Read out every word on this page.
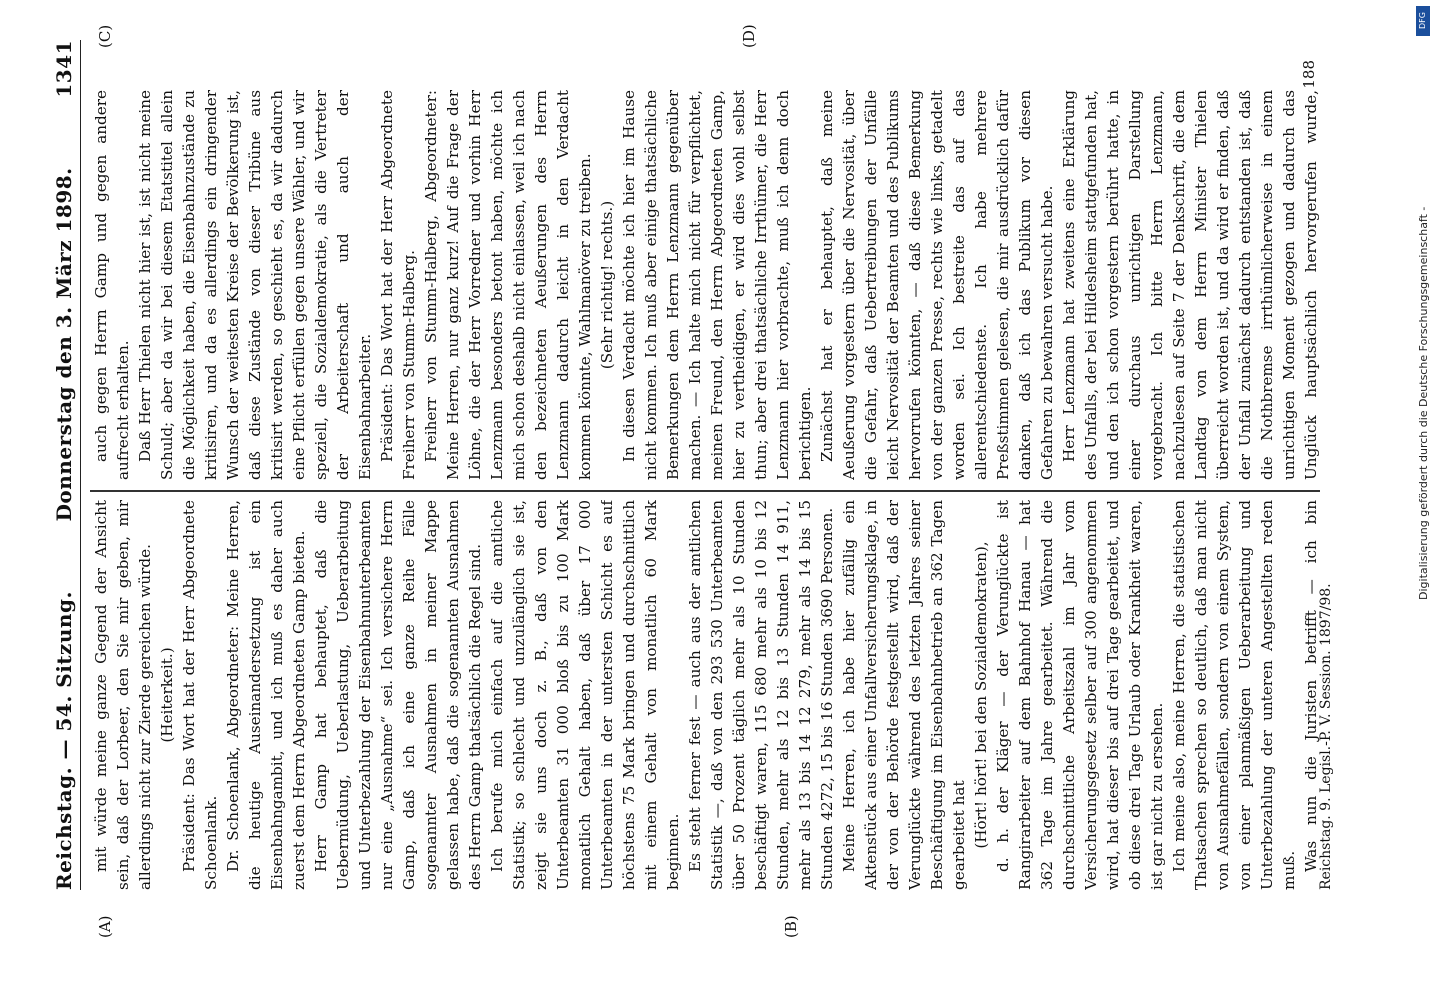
Reichstag. — 54. Sitzung.
Donnerstag den 3. März 1898.
1341
(A)	(B)
(C)	(D)

mit würde meine ganze Gegend der Ansicht sein, daß der Lorbeer, den Sie mir geben, mir allerdings nicht zur Zierde gereichen würde. (Heiterkeit.) Präsident: Das Wort hat der Herr Abgeordnete Schoenlank. Dr. Schoenlank, Abgeordneter: Meine Herren, die heutige Auseinandersetzung ist ein Eisenbahngambit, und ich muß es daher auch zuerst dem Herrn Abgeordneten Gamp bieten. Herr Gamp hat behauptet, daß die Uebermüdung, Ueberlastung, Ueberarbeitung und Unterbezahlung der Eisenbahnunterbeamten nur eine „Ausnahme“ sei. Ich versichere Herrn Gamp, daß ich eine ganze Reihe Fälle sogenannter Ausnahmen in meiner Mappe gelassen habe, daß die sogenannten Ausnahmen des Herrn Gamp thatsächlich die Regel sind. Ich berufe mich einfach auf die amtliche Statistik; so schlecht und unzulänglich sie ist, zeigt sie uns doch z. B., daß von den Unterbeamten 31 000 bloß bis zu 100 Mark monatlich Gehalt haben, daß über 17 000 Unterbeamten in der untersten Schicht es auf höchstens 75 Mark bringen und durchschnittlich mit einem Gehalt von monatlich 60 Mark beginnen. Es steht ferner fest — auch aus der amtlichen Statistik —, daß von den 293 530 Unterbeamten über 50 Prozent täglich mehr als 10 Stunden beschäftigt waren, 115 680 mehr als 10 bis 12 Stunden, mehr als 12 bis 13 Stunden 14 911, mehr als 13 bis 14 12 279, mehr als 14 bis 15 Stunden 4272, 15 bis 16 Stunden 3690 Personen. Meine Herren, ich habe hier zufällig ein Aktenstück aus einer Unfallversicherungsklage, in der von der Behörde festgestellt wird, daß der Verunglückte während des letzten Jahres seiner Beschäftigung im Eisenbahnbetrieb an 362 Tagen gearbeitet hat (Hört! hört! bei den Sozialdemokraten), d. h. der Kläger — der Verunglückte ist Rangirarbeiter auf dem Bahnhof Hanau — hat 362 Tage im Jahre gearbeitet. Während die durchschnittliche Arbeitszahl im Jahr vom Versicherungsgesetz selber auf 300 angenommen wird, hat dieser bis auf drei Tage gearbeitet, und ob diese drei Tage Urlaub oder Krankheit waren, ist gar nicht zu ersehen. Ich meine also, meine Herren, die statistischen Thatsachen sprechen so deutlich, daß man nicht von Ausnahmefällen, sondern von einem System, von einer planmäßigen Ueberarbeitung und Unterbezahlung der unteren Angestellten reden muß. Was nun die Juristen betrifft — ich bin

auch gegen Herrn Gamp und gegen andere aufrecht erhalten. Daß Herr Thielen nicht hier ist, ist nicht meine Schuld; aber da wir bei diesem Etatstitel allein die Möglichkeit haben, die Eisenbahnzustände zu kritisiren, und da es allerdings ein dringender Wunsch der weitesten Kreise der Bevölkerung ist, daß diese Zustände von dieser Tribüne aus kritisirt werden, so geschieht es, da wir dadurch eine Pflicht erfüllen gegen unsere Wähler, und wir speziell, die Sozialdemokratie, als die Vertreter der Arbeiterschaft und auch der Eisenbahnarbeiter. Präsident: Das Wort hat der Herr Abgeordnete Freiherr von Stumm-Halberg. Freiherr von Stumm-Halberg, Abgeordneter: Meine Herren, nur ganz kurz! Auf die Frage der Löhne, die der Herr Vorredner und vorhin Herr Lenzmann besonders betont haben, möchte ich mich schon deshalb nicht einlassen, weil ich nach den bezeichneten Aeußerungen des Herrn Lenzmann dadurch leicht in den Verdacht kommen könnte, Wahlmanöver zu treiben. (Sehr richtig! rechts.) In diesen Verdacht möchte ich hier im Hause nicht kommen. Ich muß aber einige thatsächliche Bemerkungen dem Herrn Lenzmann gegenüber machen. — Ich halte mich nicht für verpflichtet, meinen Freund, den Herrn Abgeordneten Gamp, hier zu vertheidigen, er wird dies wohl selbst thun; aber drei thatsächliche Irrthümer, die Herr Lenzmann hier vorbrachte, muß ich denn doch berichtigen. Zunächst hat er behauptet, daß meine Aeußerung vorgestern über die Nervosität, über die Gefahr, daß Uebertreibungen der Unfälle leicht Nervosität der Beamten und des Publikums hervorrufen könnten, — daß diese Bemerkung von der ganzen Presse, rechts wie links, getadelt worden sei. Ich bestreite das auf das allerentschiedenste. Ich habe mehrere Preßstimmen gelesen, die mir ausdrücklich dafür danken, daß ich das Publikum vor diesen Gefahren zu bewahren versucht habe. Herr Lenzmann hat zweitens eine Erklärung des Unfalls, der bei Hildesheim stattgefunden hat, und den ich schon vorgestern berührt hatte, in einer durchaus unrichtigen Darstellung vorgebracht. Ich bitte Herrn Lenzmann, nachzulesen auf Seite 7 der Denkschrift, die dem Landtag von dem Herrn Minister Thielen überreicht worden ist, und da wird er finden, daß der Unfall zunächst dadurch entstanden ist, daß die Nothbremse irrthümlicherweise in einem unrichtigen Moment gezogen und dadurch das Unglück hauptsächlich hervorgerufen wurde,

188
Reichstag. 9. Legisl.-P. V. Session. 1897/98.
DFG
Digitalisierung gefördert durch die Deutsche Forschungsgemeinschaft -
